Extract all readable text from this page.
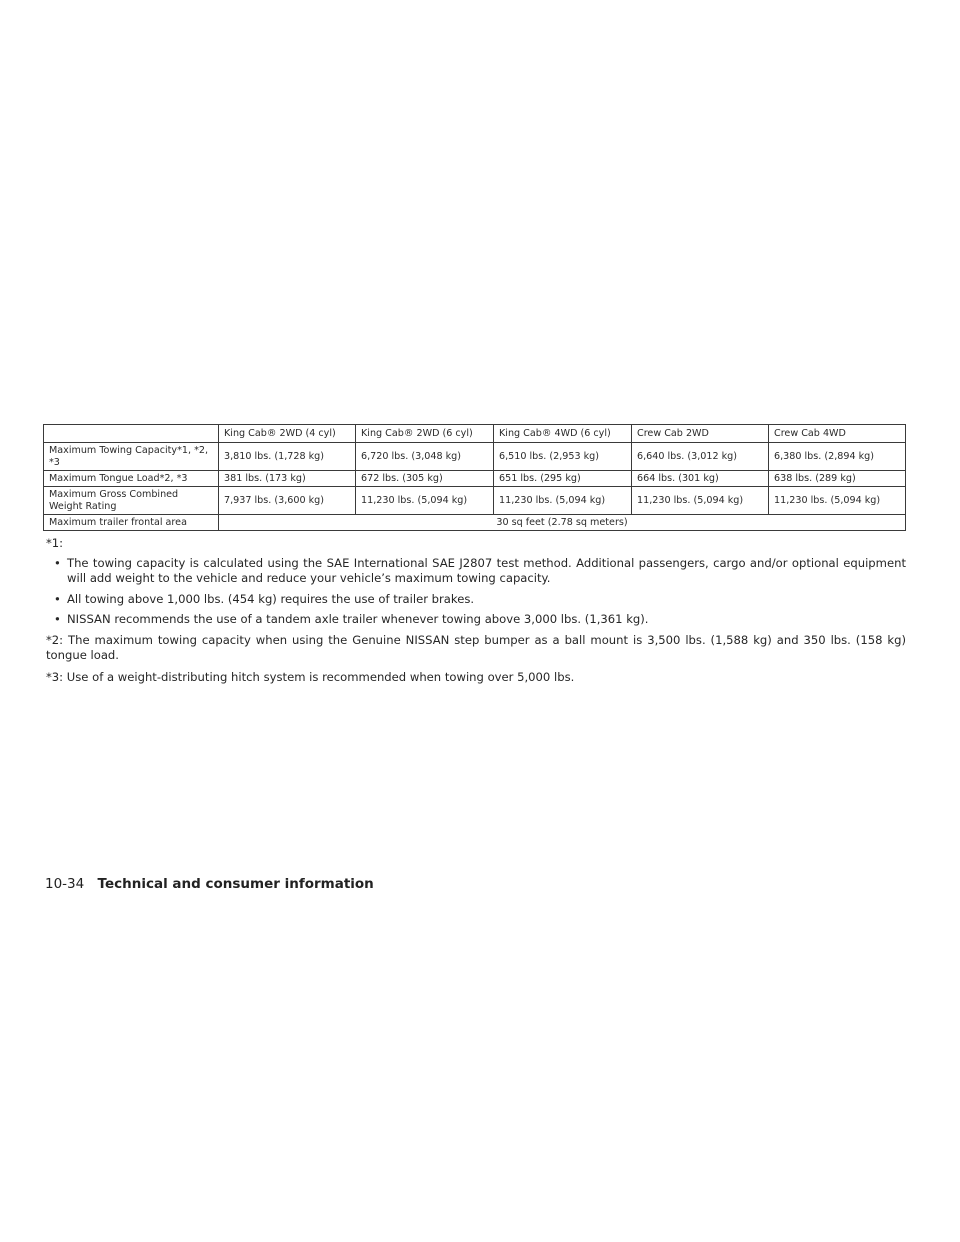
	King Cab® 2WD (4 cyl)	King Cab® 2WD (6 cyl)	King Cab® 4WD (6 cyl)	Crew Cab 2WD	Crew Cab 4WD
Maximum Towing Capacity*1, *2, *3	3,810 lbs. (1,728 kg)	6,720 lbs. (3,048 kg)	6,510 lbs. (2,953 kg)	6,640 lbs. (3,012 kg)	6,380 lbs. (2,894 kg)
Maximum Tongue Load*2, *3	381 lbs. (173 kg)	672 lbs. (305 kg)	651 lbs. (295 kg)	664 lbs. (301 kg)	638 lbs. (289 kg)
Maximum Gross Combined Weight Rating	7,937 lbs. (3,600 kg)	11,230 lbs. (5,094 kg)	11,230 lbs. (5,094 kg)	11,230 lbs. (5,094 kg)	11,230 lbs. (5,094 kg)
Maximum trailer frontal area	30 sq feet (2.78 sq meters)				

*1:

• The towing capacity is calculated using the SAE International SAE J2807 test method. Additional passengers, cargo and/or optional equipment will add weight to the vehicle and reduce your vehicle’s maximum towing capacity.
• All towing above 1,000 lbs. (454 kg) requires the use of trailer brakes.
• NISSAN recommends the use of a tandem axle trailer whenever towing above 3,000 lbs. (1,361 kg).

*2: The maximum towing capacity when using the Genuine NISSAN step bumper as a ball mount is 3,500 lbs. (1,588 kg) and 350 lbs. (158 kg) tongue load.

*3: Use of a weight-distributing hitch system is recommended when towing over 5,000 lbs.

10-34 Technical and consumer information
